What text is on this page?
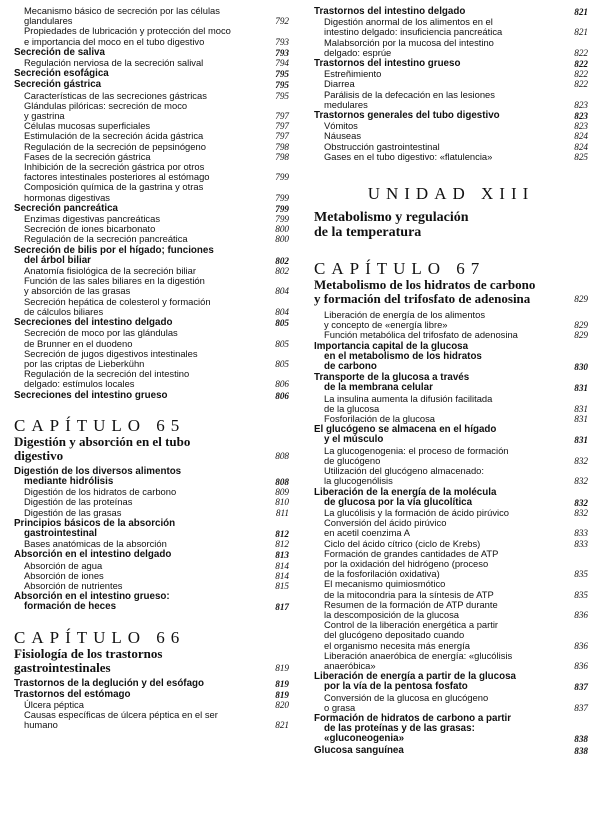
Mecanismo básico de secreción por las células
glandulares	792
Propiedades de lubricación y protección del moco
e importancia del moco en el tubo digestivo	793
Secreción de saliva	793
Regulación nerviosa de la secreción salival	794
Secreción esofágica	795
Secreción gástrica	795
Características de las secreciones gástricas	795
Glándulas pilóricas: secreción de moco
y gastrina	797
Células mucosas superficiales	797
Estimulación de la secreción ácida gástrica	797
Regulación de la secreción de pepsinógeno	798
Fases de la secreción gástrica	798
Inhibición de la secreción gástrica por otros
factores intestinales posteriores al estómago	799
Composición química de la gastrina y otras
hormonas digestivas	799
Secreción pancreática	799
Enzimas digestivas pancreáticas	799
Secreción de iones bicarbonato	800
Regulación de la secreción pancreática	800
Secreción de bilis por el hígado; funciones
del árbol biliar	802
Anatomía fisiológica de la secreción biliar	802
Función de las sales biliares en la digestión
y absorción de las grasas	804
Secreción hepática de colesterol y formación
de cálculos biliares	804
Secreciones del intestino delgado	805
Secreción de moco por las glándulas
de Brunner en el duodeno	805
Secreción de jugos digestivos intestinales
por las criptas de Lieberkühn	805
Regulación de la secreción del intestino
delgado: estímulos locales	806
Secreciones del intestino grueso	806
CAPÍTULO 65
Digestión y absorción en el tubo
digestivo	808
Digestión de los diversos alimentos
mediante hidrólisis	808
Digestión de los hidratos de carbono	809
Digestión de las proteínas	810
Digestión de las grasas	811
Principios básicos de la absorción
gastrointestinal	812
Bases anatómicas de la absorción	812
Absorción en el intestino delgado	813
Absorción de agua	814
Absorción de iones	814
Absorción de nutrientes	815
Absorción en el intestino grueso:
formación de heces	817
CAPÍTULO 66
Fisiología de los trastornos
gastrointestinales	819
Trastornos de la deglución y del esófago	819
Trastornos del estómago	819
Úlcera péptica	820
Causas específicas de úlcera péptica en el ser
humano	821
Trastornos del intestino delgado	821
Digestión anormal de los alimentos en el
intestino delgado: insuficiencia pancreática	821
Malabsorción por la mucosa del intestino
delgado: esprúe	822
Trastornos del intestino grueso	822
Estreñimiento	822
Diarrea	822
Parálisis de la defecación en las lesiones
medulares	823
Trastornos generales del tubo digestivo	823
Vómitos	823
Náuseas	824
Obstrucción gastrointestinal	824
Gases en el tubo digestivo: «flatulencia»	825
UNIDAD XIII
Metabolismo y regulación
de la temperatura
CAPÍTULO 67
Metabolismo de los hidratos de carbono
y formación del trifosfato de adenosina	829
Liberación de energía de los alimentos
y concepto de «energía libre»	829
Función metabólica del trifosfato de adenosina	829
Importancia capital de la glucosa
en el metabolismo de los hidratos
de carbono	830
Transporte de la glucosa a través
de la membrana celular	831
La insulina aumenta la difusión facilitada
de la glucosa	831
Fosforilación de la glucosa	831
El glucógeno se almacena en el hígado
y el músculo	831
La glucogenogenia: el proceso de formación
de glucógeno	832
Utilización del glucógeno almacenado:
la glucogenólisis	832
Liberación de la energía de la molécula
de glucosa por la vía glucolítica	832
La glucólisis y la formación de ácido pirúvico	832
Conversión del ácido pirúvico
en acetil coenzima A	833
Ciclo del ácido cítrico (ciclo de Krebs)	833
Formación de grandes cantidades de ATP
por la oxidación del hidrógeno (proceso
de la fosforilación oxidativa)	835
El mecanismo quimiosmótico
de la mitocondria para la síntesis de ATP	835
Resumen de la formación de ATP durante
la descomposición de la glucosa	836
Control de la liberación energética a partir
del glucógeno depositado cuando
el organismo necesita más energía	836
Liberación anaeróbica de energía: «glucólisis
anaeróbica»	836
Liberación de energía a partir de la glucosa
por la vía de la pentosa fosfato	837
Conversión de la glucosa en glucógeno
o grasa	837
Formación de hidratos de carbono a partir
de las proteínas y de las grasas:
«gluconeogenia»	838
Glucosa sanguínea	838
